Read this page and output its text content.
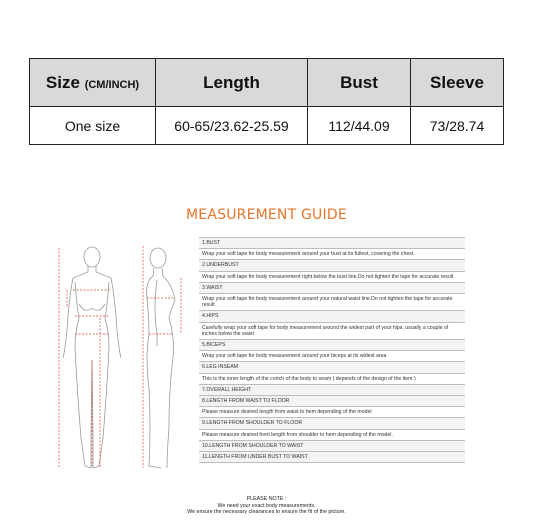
Size (CM/INCH)	Length	Bust	Sleeve
One size	60-65/23.62-25.59	112/44.09	73/28.74
MEASUREMENT GUIDE
1.BUST
Wrap your soft tape for body measurement around your bust at its fullest, covering the chest.
2.UNDERBUST
Wrap your soft tape for body measurement right below the bust line.Do not tighten the tape for accurate result
3.WAIST
Wrap your soft tape for body measurement around your natural waist line.Do not tighten the tape for accurate result
4.HIPS
Carefully wrap your soft tape for body measurement around the widest part of your hips, usually a couple of inches below the waist
5.BICEPS
Wrap your soft tape for body measurement around your biceps at its widest area
6.LEG INSEAM
This is the inner length of the crotch of the body to seam ( depends of the design of the item )
7.OVERALL HEIGHT
8.LENGTH FROM WAIST TO FLOOR
Please measure desired length from waist to hem depending of the model
9.LENGTH FROM SHOULDER TO FLOOR
Please measure desired front length from shoulder to hem depending of the model.
10.LENGTH FROM SHOULDER TO WAIST
11.LENGTH FROM UNDER BUST TO WAIST
PLEASE NOTE :
We need your exact body measurements.
We ensure the necessary clearances to ensure the fit of the picture.
